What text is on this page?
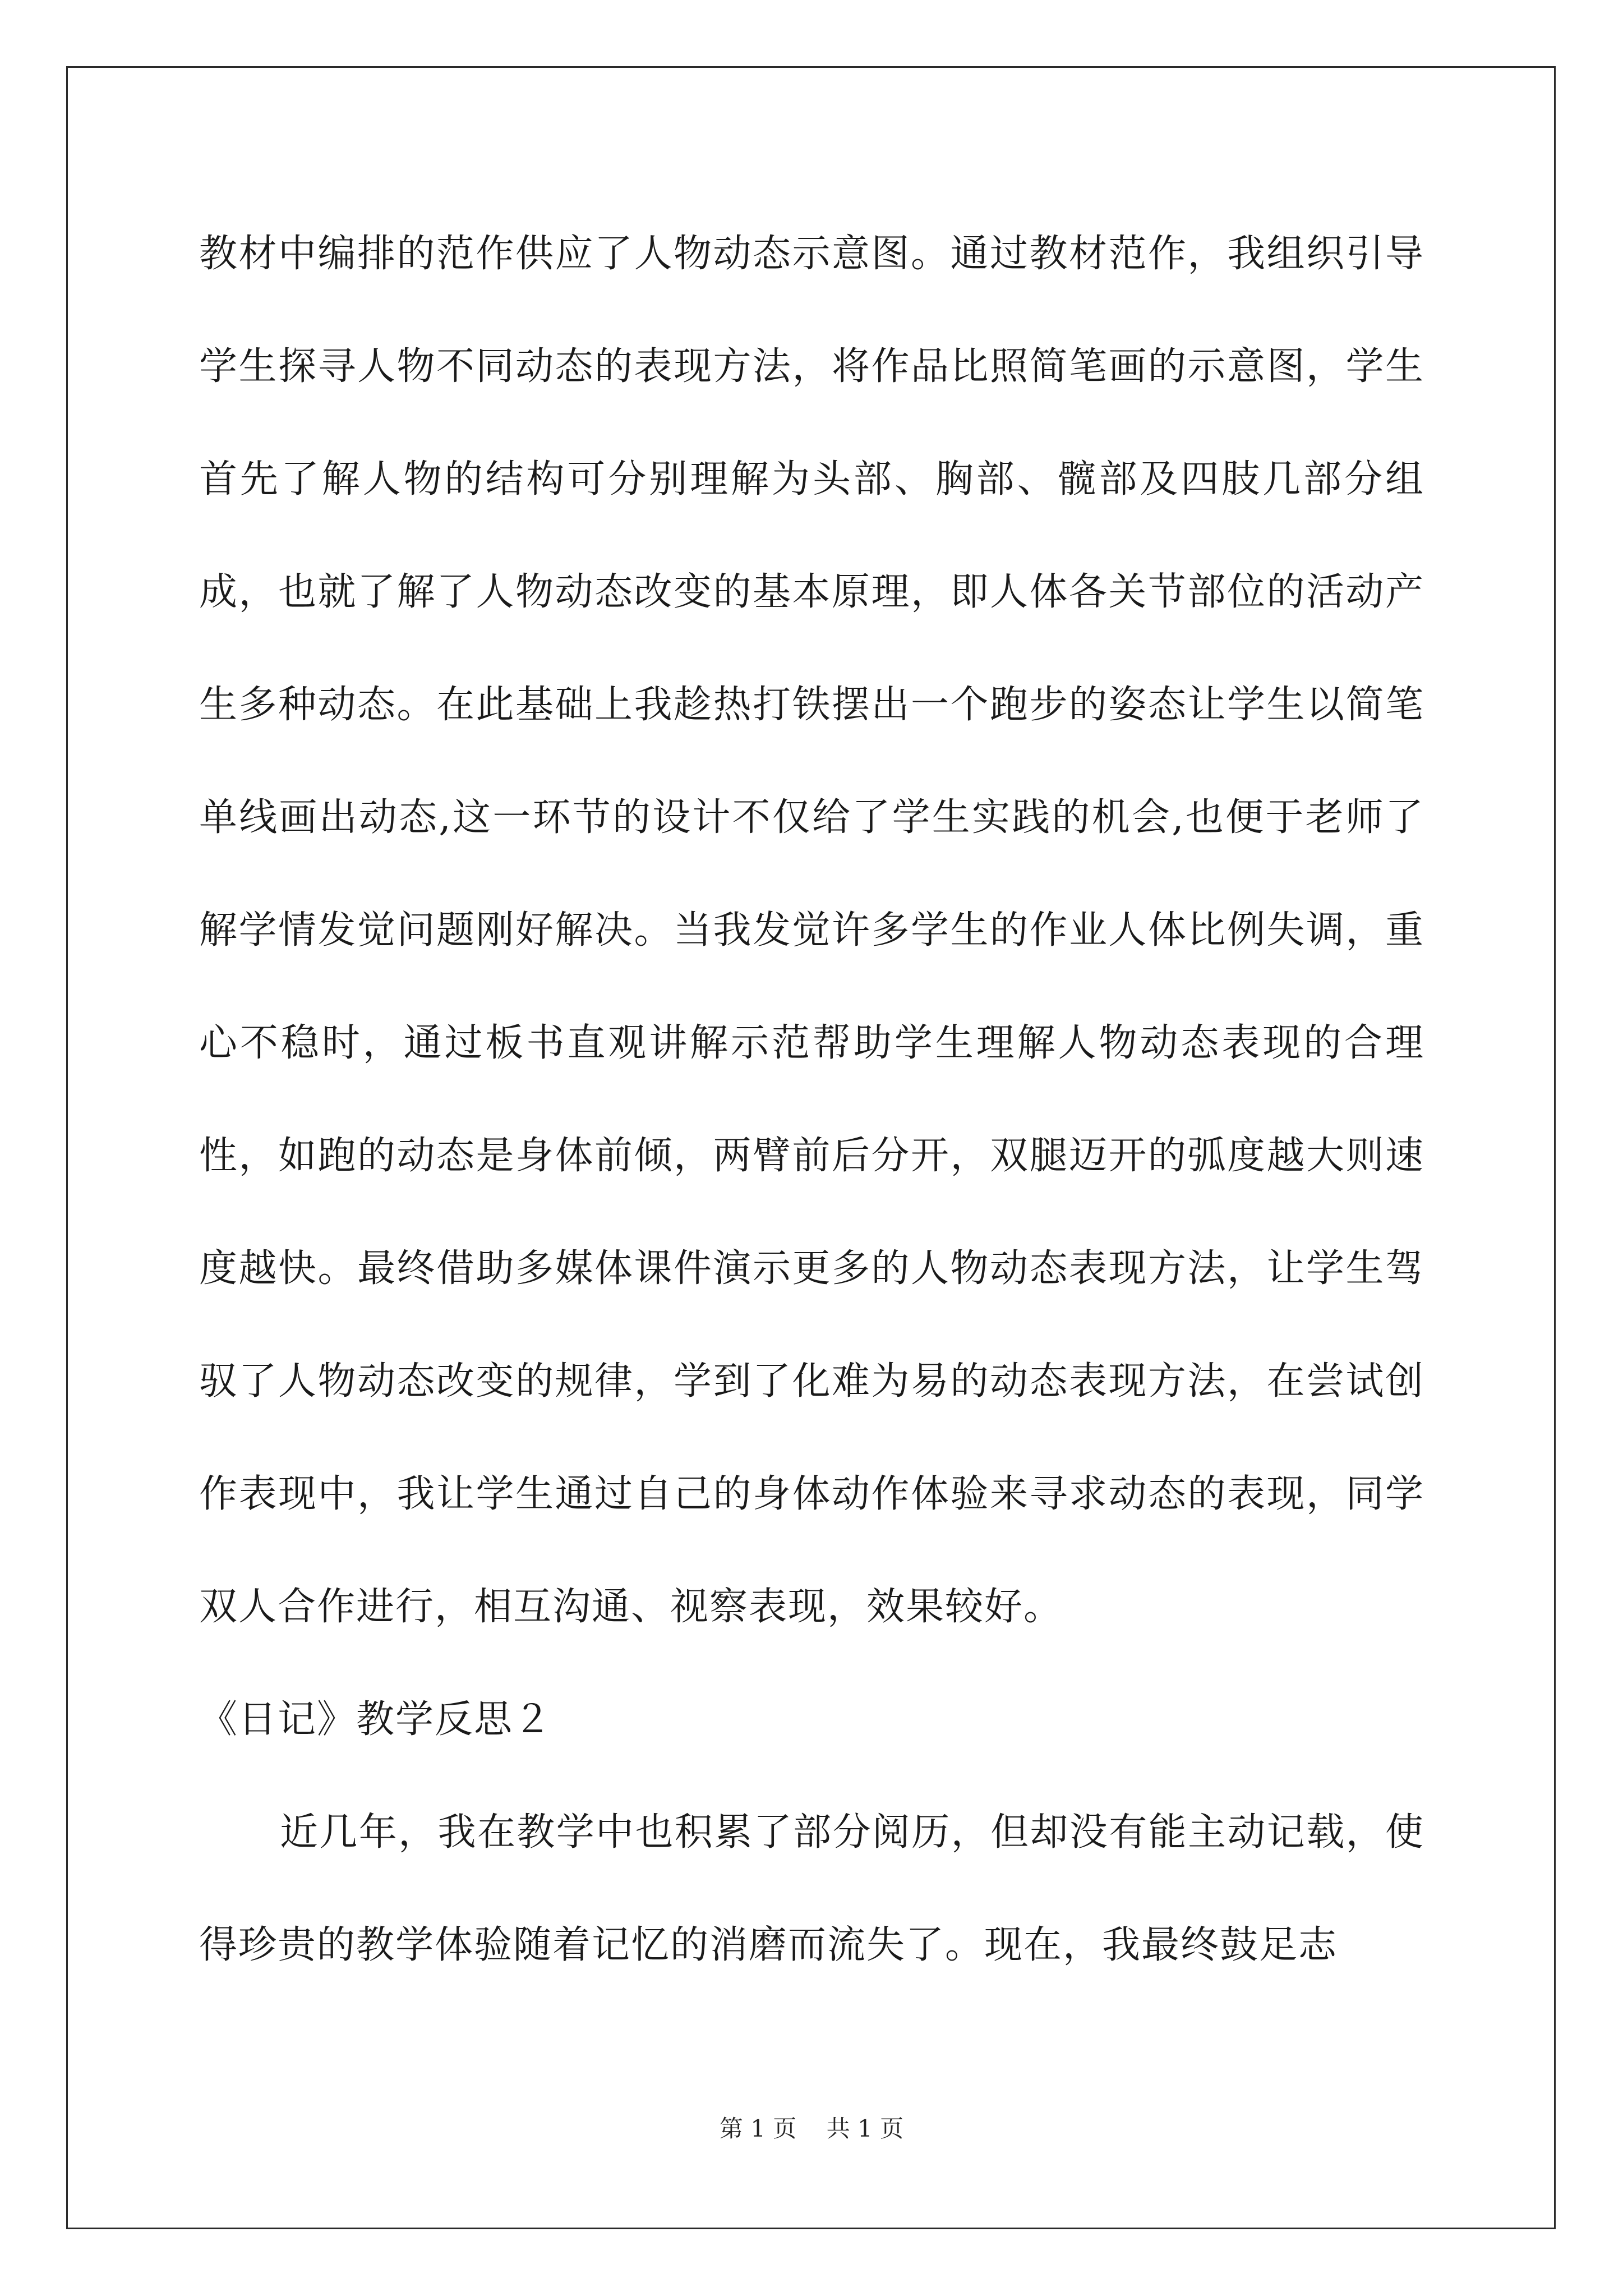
教材中编排的范作供应了人物动态示意图。通过教材范作，我组织引导学生探寻人物不同动态的表现方法，将作品比照简笔画的示意图，学生首先了解人物的结构可分别理解为头部、胸部、髋部及四肢几部分组成，也就了解了人物动态改变的基本原理，即人体各关节部位的活动产生多种动态。在此基础上我趁热打铁摆出一个跑步的姿态让学生以简笔单线画出动态,这一环节的设计不仅给了学生实践的机会,也便于老师了解学情发觉问题刚好解决。当我发觉许多学生的作业人体比例失调，重心不稳时，通过板书直观讲解示范帮助学生理解人物动态表现的合理性，如跑的动态是身体前倾，两臂前后分开，双腿迈开的弧度越大则速度越快。最终借助多媒体课件演示更多的人物动态表现方法，让学生驾驭了人物动态改变的规律，学到了化难为易的动态表现方法，在尝试创作表现中，我让学生通过自己的身体动作体验来寻求动态的表现，同学双人合作进行，相互沟通、视察表现，效果较好。

《日记》教学反思２

近几年，我在教学中也积累了部分阅历，但却没有能主动记载，使得珍贵的教学体验随着记忆的消磨而流失了。现在，我最终鼓足志

第 1 页    共 1 页
